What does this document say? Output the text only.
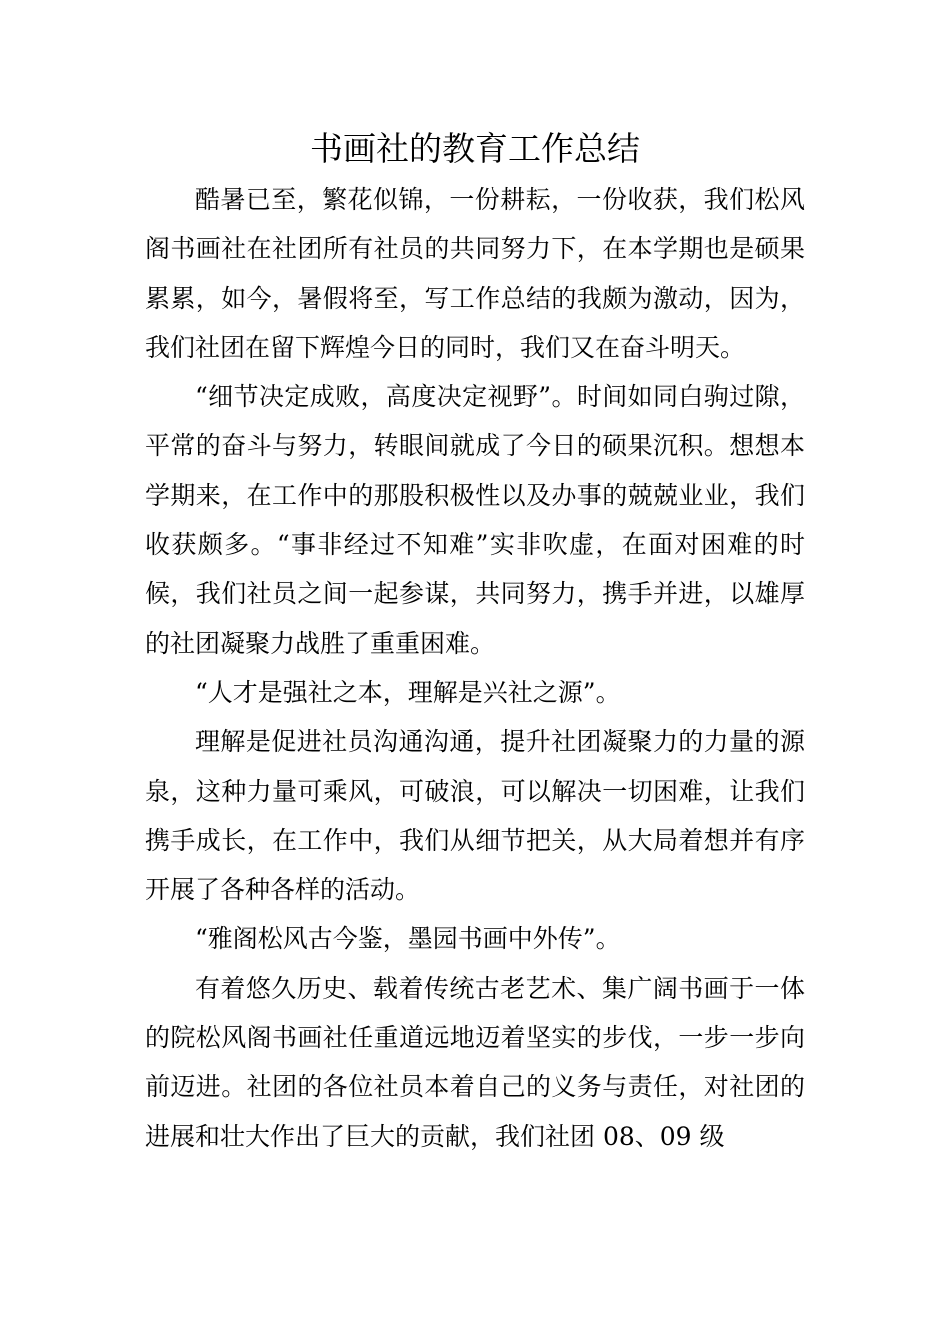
书画社的教育工作总结

酷暑已至，繁花似锦，一份耕耘，一份收获，我们松风阁书画社在社团所有社员的共同努力下，在本学期也是硕果累累，如今，暑假将至，写工作总结的我颇为激动，因为，我们社团在留下辉煌今日的同时，我们又在奋斗明天。

“细节决定成败，高度决定视野”。时间如同白驹过隙，平常的奋斗与努力，转眼间就成了今日的硕果沉积。想想本学期来，在工作中的那股积极性以及办事的兢兢业业，我们收获颇多。“事非经过不知难”实非吹虚，在面对困难的时候，我们社员之间一起参谋，共同努力，携手并进，以雄厚的社团凝聚力战胜了重重困难。

“人才是强社之本，理解是兴社之源”。

理解是促进社员沟通沟通，提升社团凝聚力的力量的源泉，这种力量可乘风，可破浪，可以解决一切困难，让我们携手成长，在工作中，我们从细节把关，从大局着想并有序开展了各种各样的活动。

“雅阁松风古今鉴，墨园书画中外传”。

有着悠久历史、载着传统古老艺术、集广阔书画于一体的院松风阁书画社任重道远地迈着坚实的步伐，一步一步向前迈进。社团的各位社员本着自己的义务与责任，对社团的进展和壮大作出了巨大的贡献，我们社团 08、09 级
